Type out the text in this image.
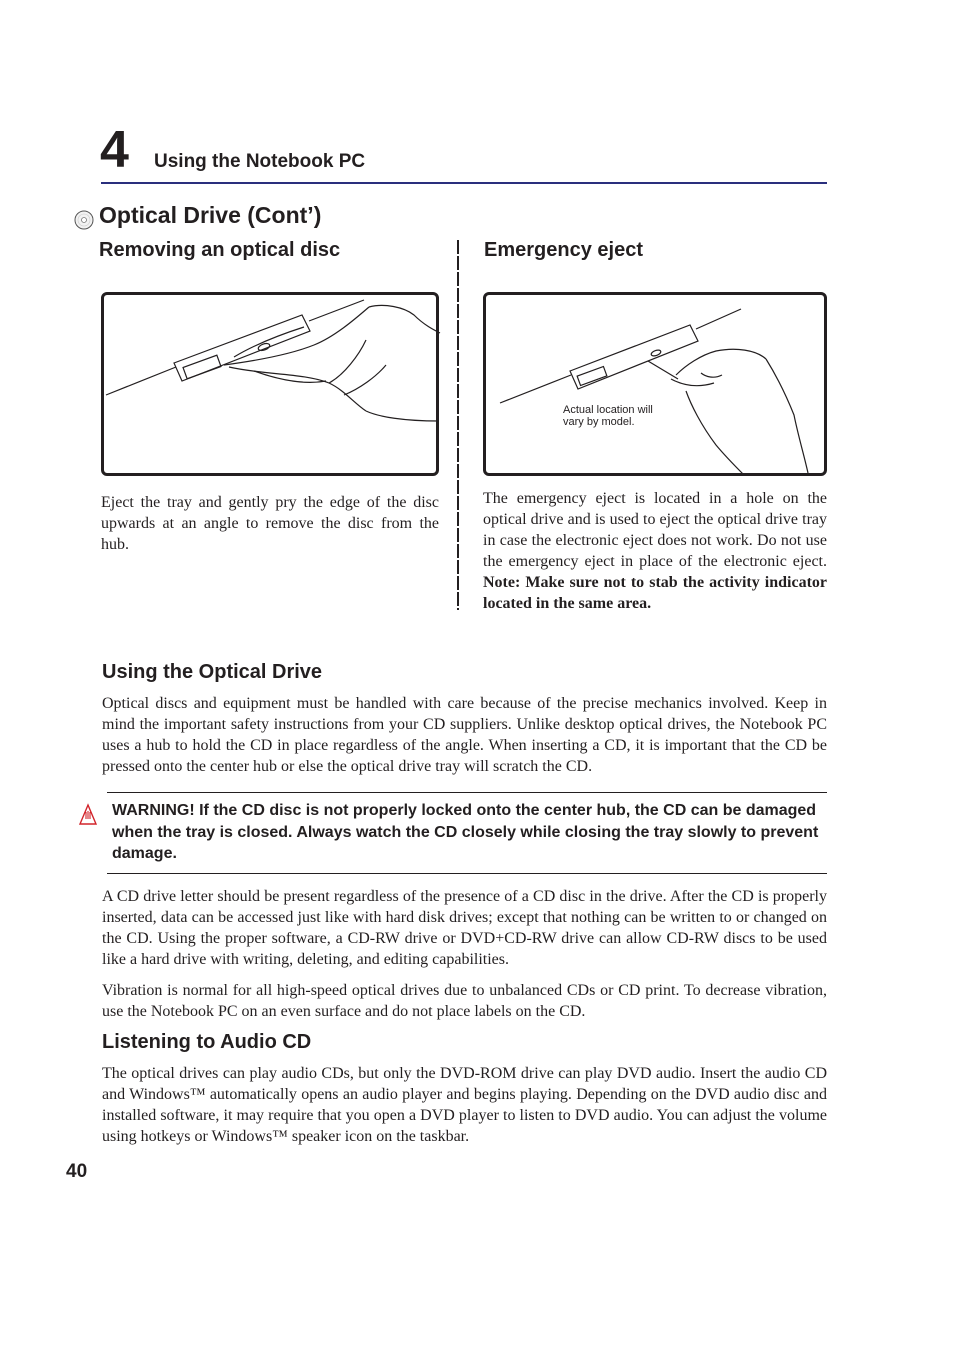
4 Using the Notebook PC
Optical Drive (Cont’)
Removing an optical disc

Eject the tray and gently pry the edge of the disc upwards at an angle to remove the disc from the hub.

Emergency eject
Actual location will
vary by model.

The emergency eject is located in a hole on the optical drive and is used to eject the optical drive tray in case the electronic eject does not work. Do not use the emergency eject in place of the electronic eject. Note: Make sure not to stab the activity indicator located in the same area.

Using the Optical Drive

Optical discs and equipment must be handled with care because of the precise mechanics involved. Keep in mind the important safety instructions from your CD suppliers. Unlike desktop optical drives, the Notebook PC uses a hub to hold the CD in place regardless of the angle. When inserting a CD, it is important that the CD be pressed onto the center hub or else the optical drive tray will scratch the CD.

WARNING! If the CD disc is not properly locked onto the center hub, the CD can be damaged when the tray is closed. Always watch the CD closely while closing the tray slowly to prevent damage.

A CD drive letter should be present regardless of the presence of a CD disc in the drive. After the CD is properly inserted, data can be accessed just like with hard disk drives; except that nothing can be written to or changed on the CD. Using the proper software, a CD-RW drive or DVD+CD-RW drive can allow CD-RW discs to be used like a hard drive with writing, deleting, and editing capabilities.

Vibration is normal for all high-speed optical drives due to unbalanced CDs or CD print. To decrease vibration, use the Notebook PC on an even surface and do not place labels on the CD.

Listening to Audio CD

The optical drives can play audio CDs, but only the DVD-ROM drive can play DVD audio. Insert the audio CD and Windows™ automatically opens an audio player and begins playing. Depending on the DVD audio disc and installed software, it may require that you open a DVD player to listen to DVD audio. You can adjust the volume using hotkeys or Windows™ speaker icon on the taskbar.

40
